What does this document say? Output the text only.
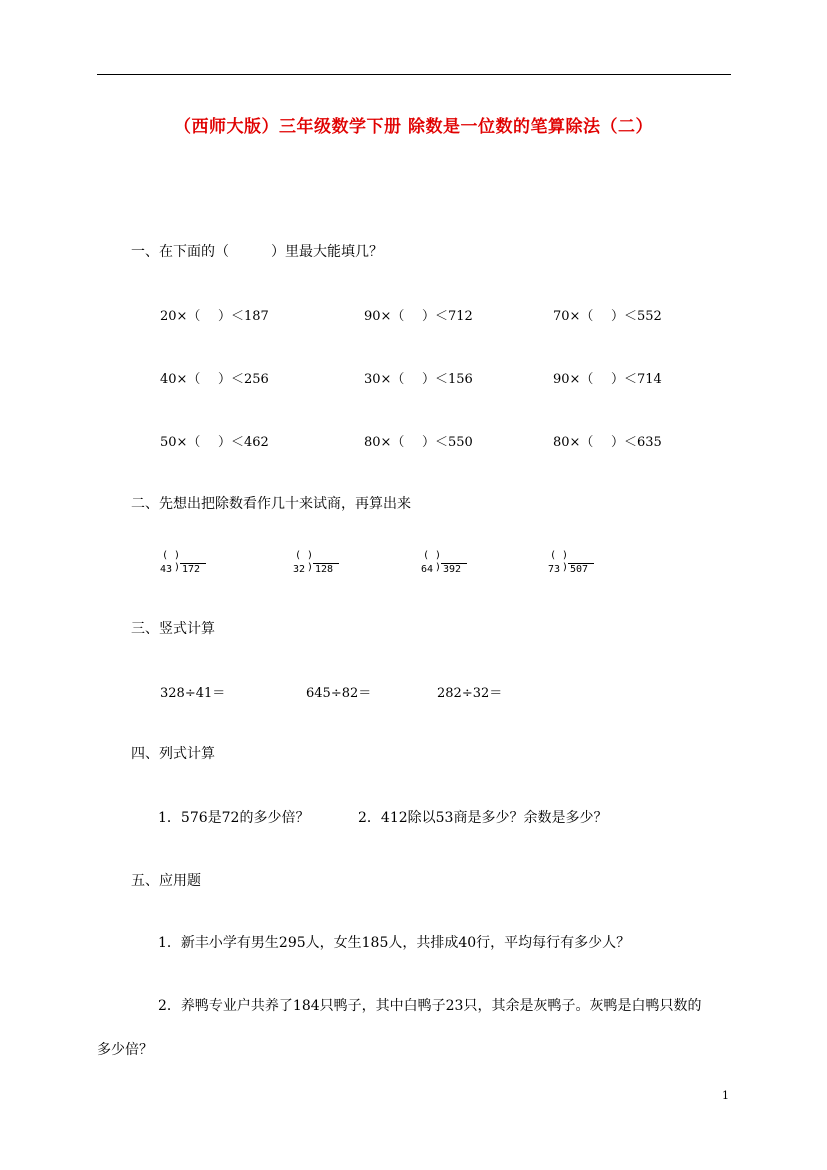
（西师大版）三年级数学下册 除数是一位数的笔算除法（二）
一、在下面的（　　　）里最大能填几？
20×（ ）＜187	90×（ ）＜712	70×（ ）＜552
40×（ ）＜256	30×（ ）＜156	90×（ ）＜714
50×（ ）＜462	80×（ ）＜550	80×（ ）＜635
二、先想出把除数看作几十来试商，再算出来
( )
43 ) 172
( )
32 ) 128
( )
64 ) 392
( )
73 ) 507
三、竖式计算
328÷41＝	645÷82＝	282÷32＝
四、列式计算
1．576是72的多少倍？	2．412除以53商是多少？余数是多少？
五、应用题
1．新丰小学有男生295人，女生185人，共排成40行，平均每行有多少人？
2．养鸭专业户共养了184只鸭子，其中白鸭子23只，其余是灰鸭子。灰鸭是白鸭只数的
多少倍？
1
